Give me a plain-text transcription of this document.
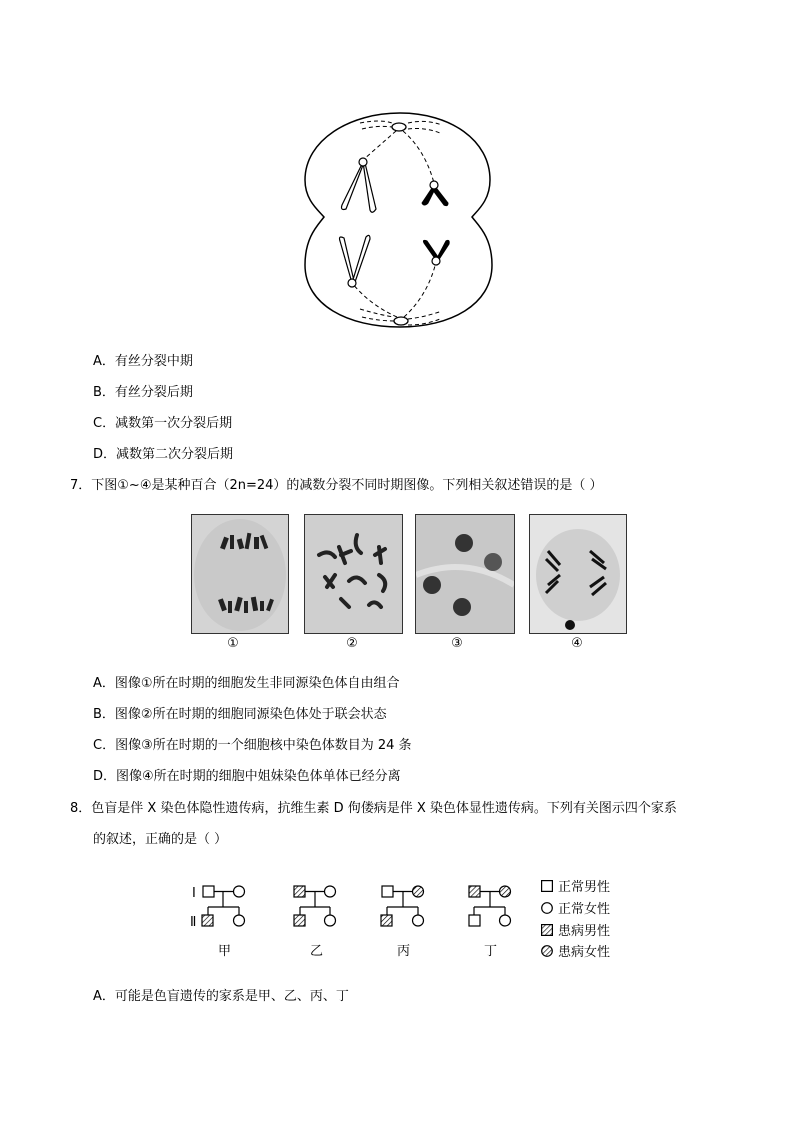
A．有丝分裂中期
B．有丝分裂后期
C．减数第一次分裂后期
D．减数第二次分裂后期
7．下图①~④是某种百合（2n=24）的减数分裂不同时期图像。下列相关叙述错误的是（ ）
①	②	③	④
A．图像①所在时期的细胞发生非同源染色体自由组合
B．图像②所在时期的细胞同源染色体处于联会状态
C．图像③所在时期的一个细胞核中染色体数目为 24 条
D．图像④所在时期的细胞中姐妹染色体单体已经分离
8．色盲是伴 X 染色体隐性遗传病，抗维生素 D 佝偻病是伴 X 染色体显性遗传病。下列有关图示四个家系
的叙述，正确的是（ ）
I
Ⅱ
甲	乙	丙	丁
正常男性
正常女性
患病男性
患病女性
A．可能是色盲遗传的家系是甲、乙、丙、丁
